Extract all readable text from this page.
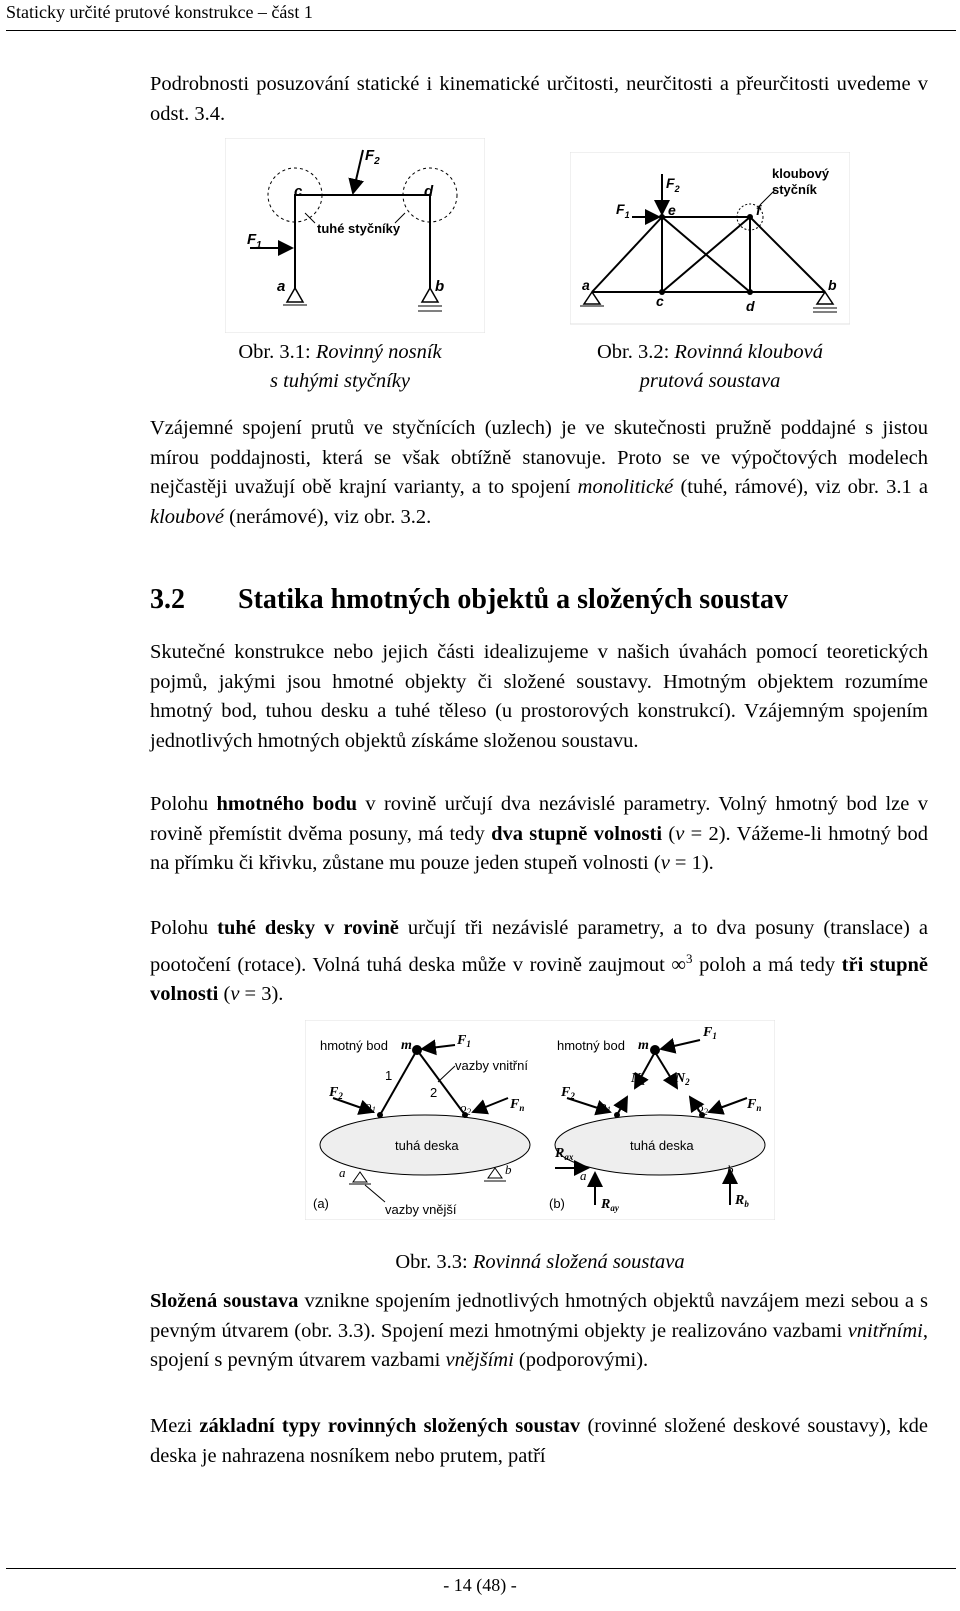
Staticky určité prutové konstrukce – část 1
Podrobnosti posuzování statické i kinematické určitosti, neurčitosti a přeurčitosti uvedeme v odst. 3.4.
$F_2$
$F_1$
c	d
tuhé styčníky
a	b
$F_2$
$F_1$	e	f
kloubový
styčník
a	b
c	d
Obr. 3.1: Rovinný nosník
s tuhými styčníky
Obr. 3.2: Rovinná kloubová
prutová soustava
Vzájemné spojení prutů ve styčnících (uzlech) je ve skutečnosti pružně poddajné s jistou mírou poddajnosti, která se však obtížně stanovuje. Proto se ve výpočtových modelech nejčastěji uvažují obě krajní varianty, a to spojení monolitické (tuhé, rámové), viz obr. 3.1 a kloubové (nerámové), viz obr. 3.2.
3.2 Statika hmotných objektů a složených soustav
Skutečné konstrukce nebo jejich části idealizujeme v našich úvahách pomocí teoretických pojmů, jakými jsou hmotné objekty či složené soustavy. Hmotným objektem rozumíme hmotný bod, tuhou desku a tuhé těleso (u prostorových konstrukcí). Vzájemným spojením jednotlivých hmotných objektů získáme složenou soustavu.
Polohu hmotného bodu v rovině určují dva nezávislé parametry. Volný hmotný bod lze v rovině přemístit dvěma posuny, má tedy dva stupně volnosti (v = 2). Vážeme-li hmotný bod na přímku či křivku, zůstane mu pouze jeden stupeň volnosti (v = 1).
Polohu tuhé desky v rovině určují tři nezávislé parametry, a to dva posuny (translace) a pootočení (rotace). Volná tuhá deska může v rovině zaujmout ∞$^3$ poloh a má tedy tři stupně volnosti (v = 3).
hmotný bod m	$F_1$
vazby vnitřní
1
2
$F_2$
$o_1$	$o_2$	$F_n$
tuhá deska
a	b
(a)	vazby vnější
hmotný bod m
$F_1$
$N_1$ $N_2$
$F_2$
$o_1$	$o_2$	$F_n$
tuhá deska
$R_{ax}$
a	b
(b)	$R_{ay}$	$R_b$
Obr. 3.3: Rovinná složená soustava
Složená soustava vznikne spojením jednotlivých hmotných objektů navzájem mezi sebou a s pevným útvarem (obr. 3.3). Spojení mezi hmotnými objekty je realizováno vazbami vnitřními, spojení s pevným útvarem vazbami vnějšími (podporovými).
Mezi základní typy rovinných složených soustav (rovinné složené deskové soustavy), kde deska je nahrazena nosníkem nebo prutem, patří
- 14 (48) -
